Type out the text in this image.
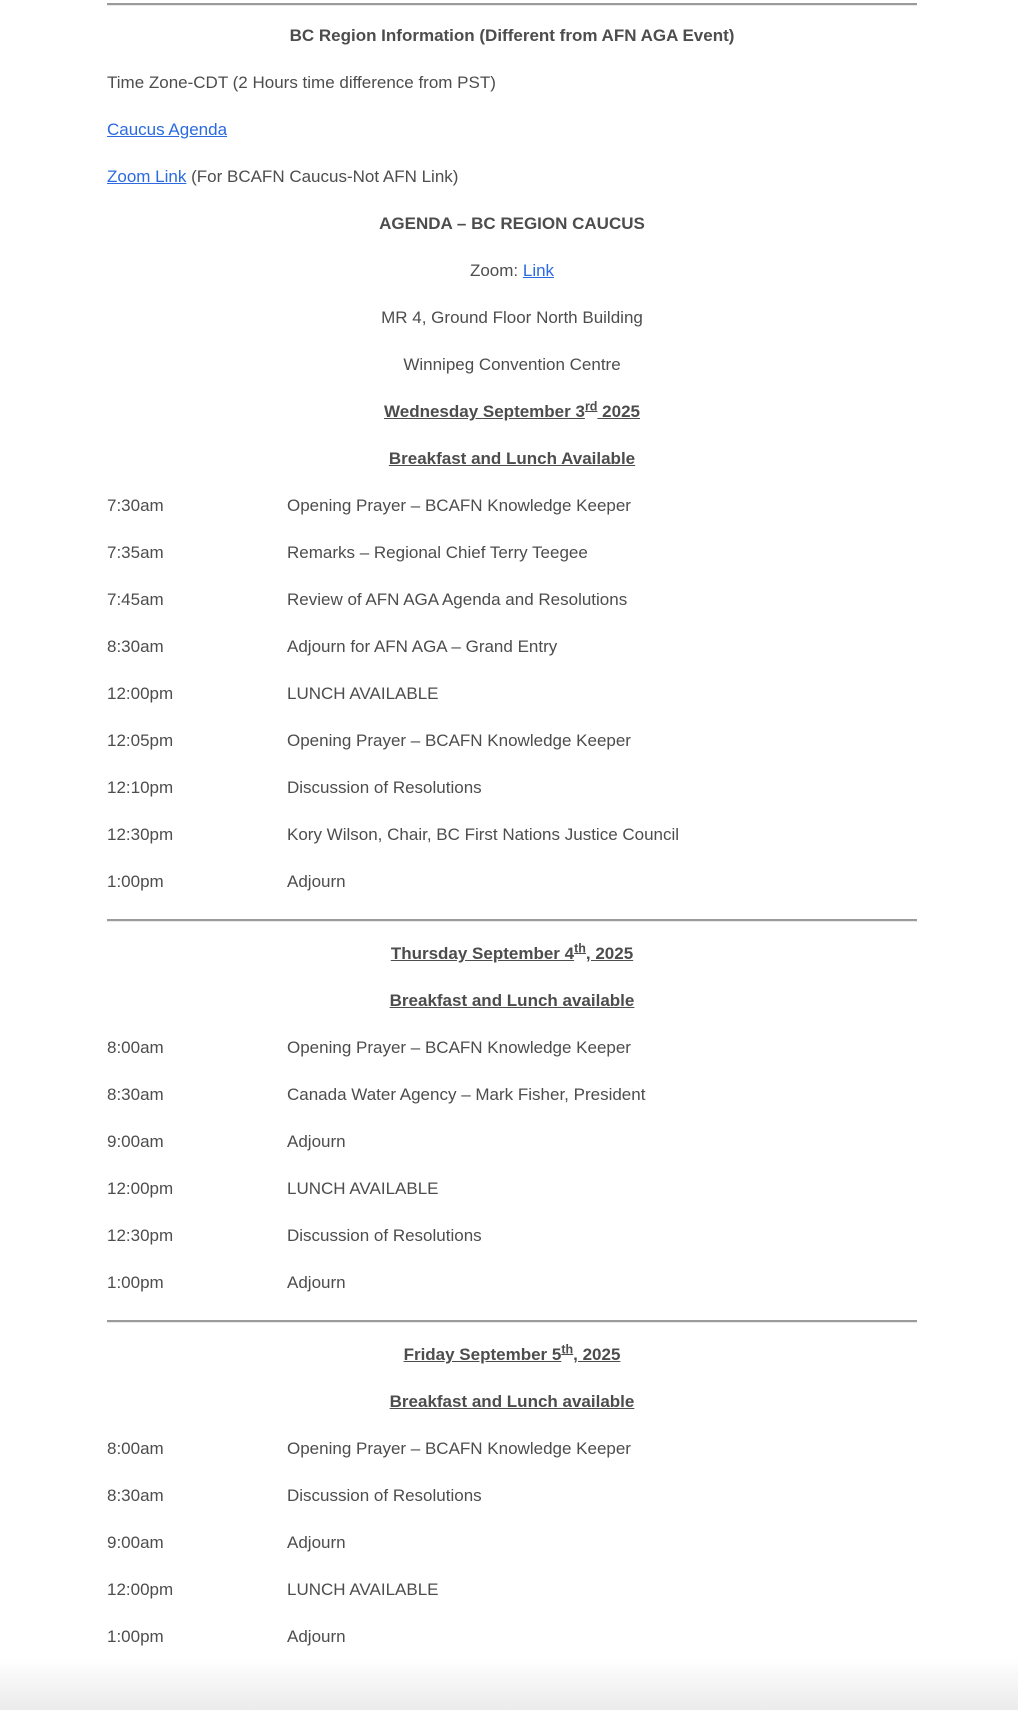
BC Region Information (Different from AFN AGA Event)
Time Zone-CDT (2 Hours time difference from PST)
Caucus Agenda
Zoom Link (For BCAFN Caucus-Not AFN Link)
AGENDA – BC REGION CAUCUS
Zoom: Link
MR 4, Ground Floor North Building
Winnipeg Convention Centre
Wednesday September 3rd 2025
Breakfast and Lunch Available
7:30am	Opening Prayer – BCAFN Knowledge Keeper
7:35am	Remarks – Regional Chief Terry Teegee
7:45am	Review of AFN AGA Agenda and Resolutions
8:30am	Adjourn for AFN AGA – Grand Entry
12:00pm	LUNCH AVAILABLE
12:05pm	Opening Prayer – BCAFN Knowledge Keeper
12:10pm	Discussion of Resolutions
12:30pm	Kory Wilson, Chair, BC First Nations Justice Council
1:00pm	Adjourn
Thursday September 4th, 2025
Breakfast and Lunch available
8:00am	Opening Prayer – BCAFN Knowledge Keeper
8:30am	Canada Water Agency – Mark Fisher, President
9:00am	Adjourn
12:00pm	LUNCH AVAILABLE
12:30pm	Discussion of Resolutions
1:00pm	Adjourn
Friday September 5th, 2025
Breakfast and Lunch available
8:00am	Opening Prayer – BCAFN Knowledge Keeper
8:30am	Discussion of Resolutions
9:00am	Adjourn
12:00pm	LUNCH AVAILABLE
1:00pm	Adjourn
